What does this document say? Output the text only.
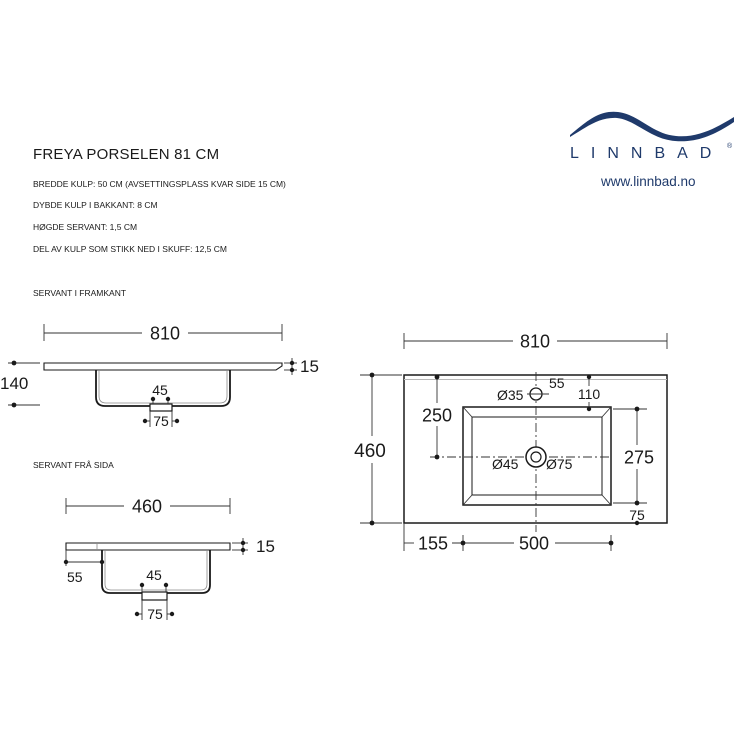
810
140
15
45
75
460
15
55	45
75
810
460
Ø35
55
110
250
Ø45 Ø75	275
75
155	500
FREYA PORSELEN 81 CM
BREDDE KULP: 50 CM (AVSETTINGSPLASS KVAR SIDE 15 CM)
DYBDE KULP I BAKKANT: 8 CM
HØGDE SERVANT: 1,5 CM
DEL AV KULP SOM STIKK NED I SKUFF: 12,5 CM
SERVANT I FRAMKANT
SERVANT FRÅ SIDA
LINNBAD ®
www.linnbad.no
